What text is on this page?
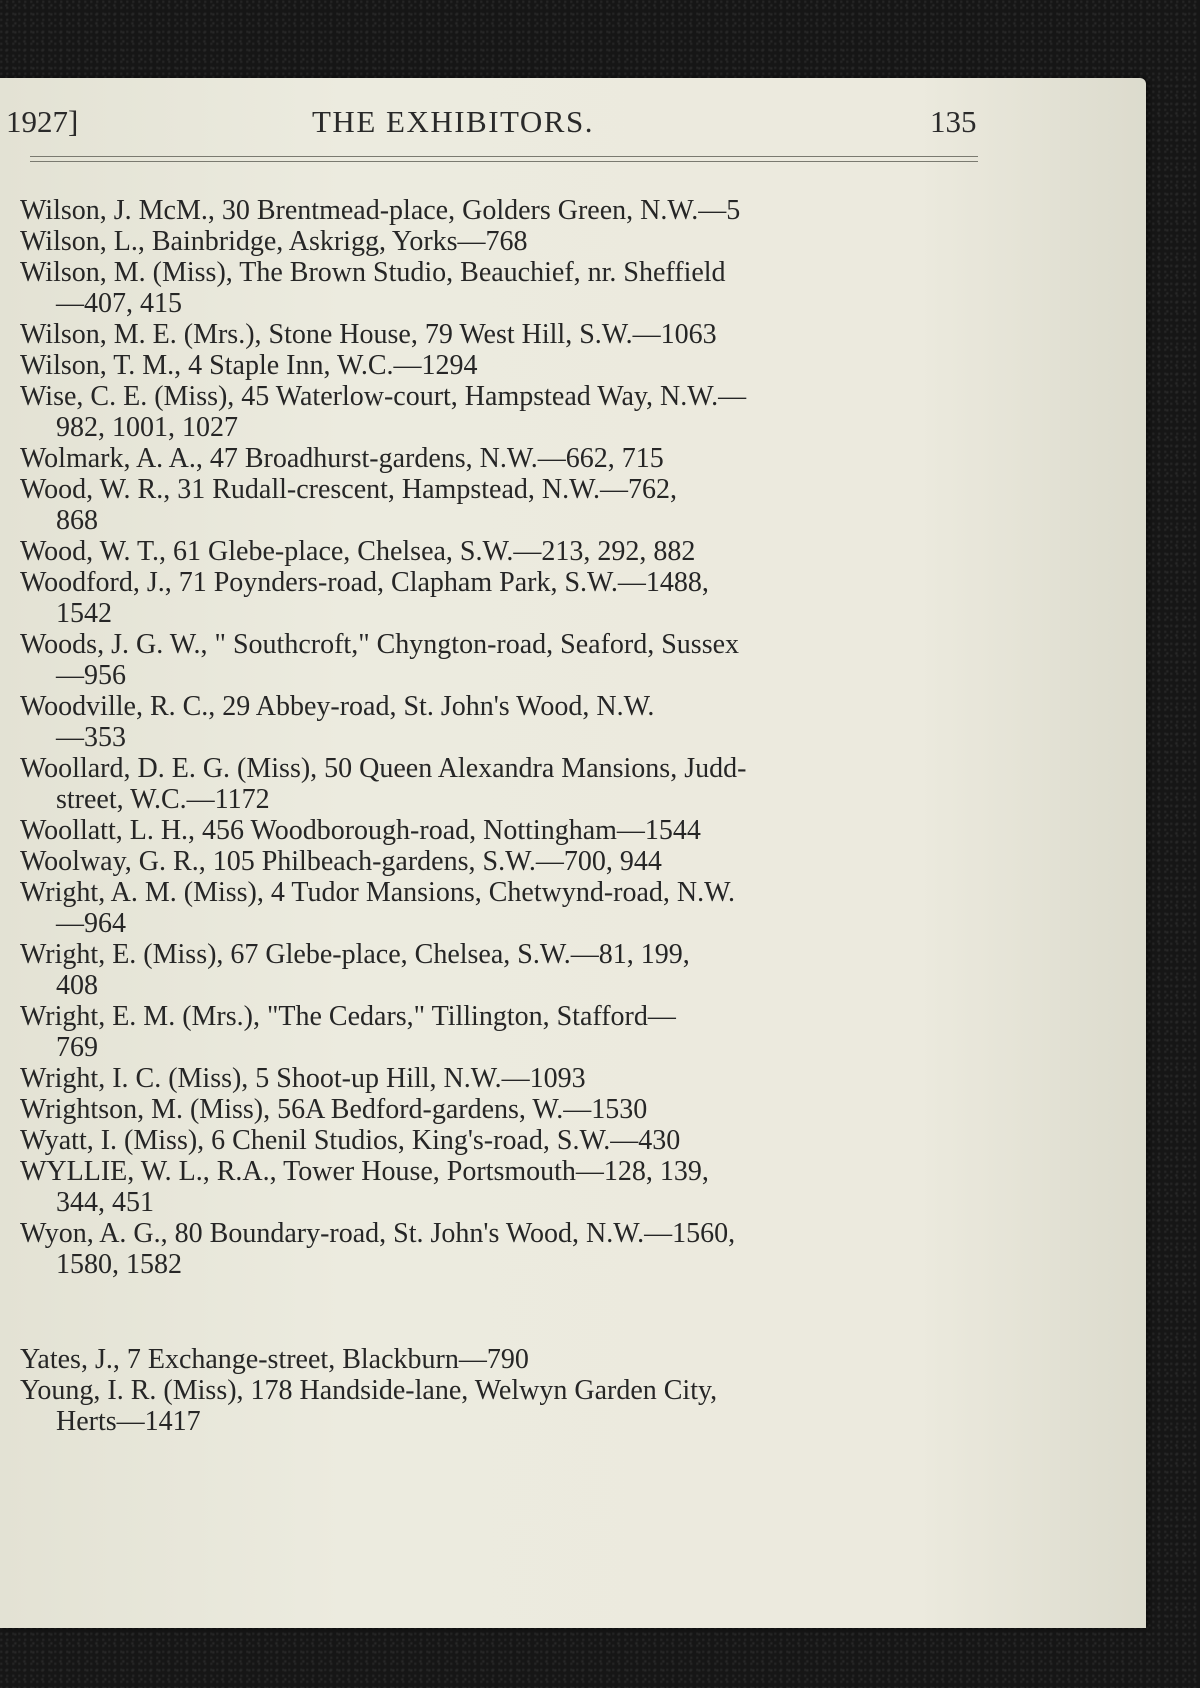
1927]	THE EXHIBITORS.	135
Wilson, J. McM., 30 Brentmead-place, Golders Green, N.W.—5
Wilson, L., Bainbridge, Askrigg, Yorks—768
Wilson, M. (Miss), The Brown Studio, Beauchief, nr. Sheffield
—407, 415
Wilson, M. E. (Mrs.), Stone House, 79 West Hill, S.W.—1063
Wilson, T. M., 4 Staple Inn, W.C.—1294
Wise, C. E. (Miss), 45 Waterlow-court, Hampstead Way, N.W.—
982, 1001, 1027
Wolmark, A. A., 47 Broadhurst-gardens, N.W.—662, 715
Wood, W. R., 31 Rudall-crescent, Hampstead, N.W.—762,
868
Wood, W. T., 61 Glebe-place, Chelsea, S.W.—213, 292, 882
Woodford, J., 71 Poynders-road, Clapham Park, S.W.—1488,
1542
Woods, J. G. W., " Southcroft," Chyngton-road, Seaford, Sussex
—956
Woodville, R. C., 29 Abbey-road, St. John's Wood, N.W.
—353
Woollard, D. E. G. (Miss), 50 Queen Alexandra Mansions, Judd-
street, W.C.—1172
Woollatt, L. H., 456 Woodborough-road, Nottingham—1544
Woolway, G. R., 105 Philbeach-gardens, S.W.—700, 944
Wright, A. M. (Miss), 4 Tudor Mansions, Chetwynd-road, N.W.
—964
Wright, E. (Miss), 67 Glebe-place, Chelsea, S.W.—81, 199,
408
Wright, E. M. (Mrs.), "The Cedars," Tillington, Stafford—
769
Wright, I. C. (Miss), 5 Shoot-up Hill, N.W.—1093
Wrightson, M. (Miss), 56A Bedford-gardens, W.—1530
Wyatt, I. (Miss), 6 Chenil Studios, King's-road, S.W.—430
WYLLIE, W. L., R.A., Tower House, Portsmouth—128, 139,
344, 451
Wyon, A. G., 80 Boundary-road, St. John's Wood, N.W.—1560,
1580, 1582
Yates, J., 7 Exchange-street, Blackburn—790
Young, I. R. (Miss), 178 Handside-lane, Welwyn Garden City,
Herts—1417
